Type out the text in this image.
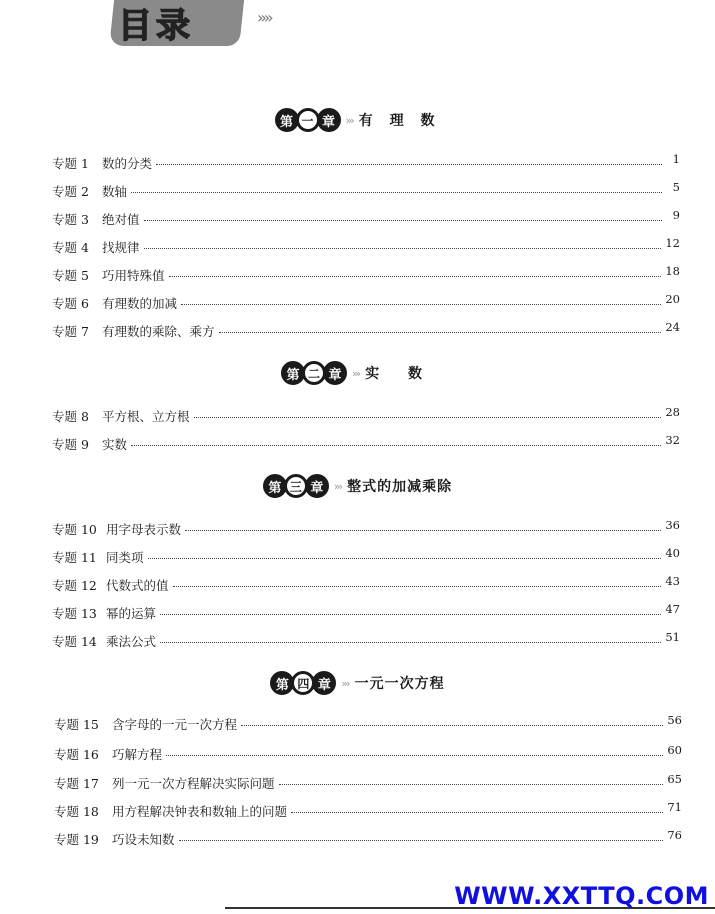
目录	››››
第 一 章 ››› 有 理 数
第 二 章 ››› 实 数
第 三 章 ››› 整式的加减乘除
第 四 章 ››› 一元一次方程
专题 1	数的分类	1
专题 2	数轴	5
专题 3	绝对值	9
专题 4	找规律	12
专题 5	巧用特殊值	18
专题 6	有理数的加减	20
专题 7	有理数的乘除、乘方	24
专题 8	平方根、立方根	28
专题 9	实数	32
专题 10 用字母表示数	36
专题 11 同类项	40
专题 12 代数式的值	43
专题 13 幂的运算	47
专题 14 乘法公式	51
专题 15	含字母的一元一次方程	56
专题 16	巧解方程	60
专题 17	列一元一次方程解决实际问题	65
专题 18	用方程解决钟表和数轴上的问题	71
专题 19	巧设未知数	76
WWW.XXTTQ.COM
